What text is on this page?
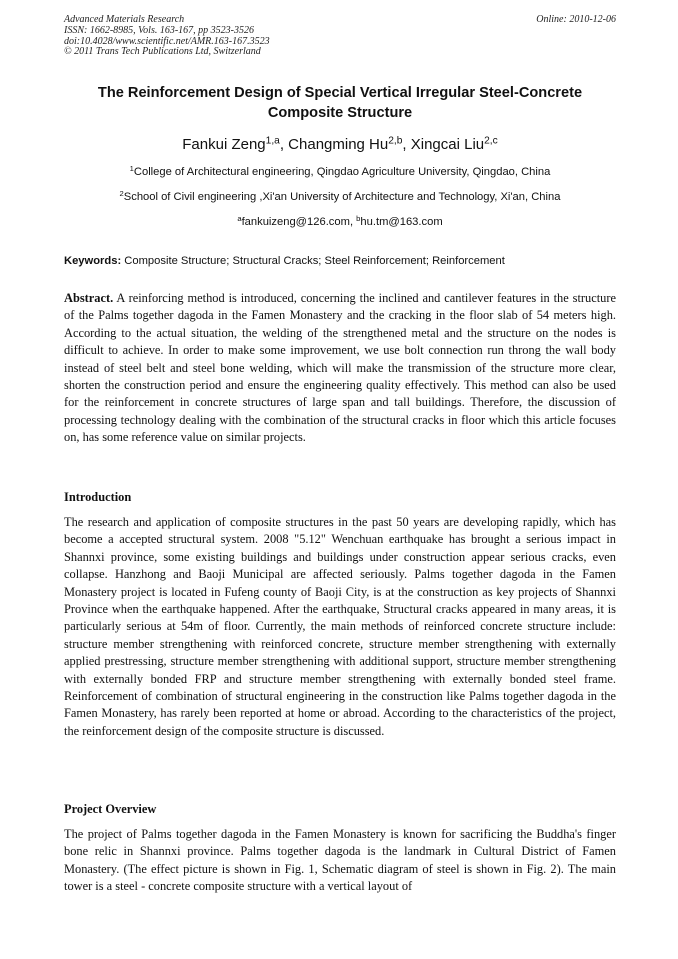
Advanced Materials Research
ISSN: 1662-8985, Vols. 163-167, pp 3523-3526
doi:10.4028/www.scientific.net/AMR.163-167.3523
© 2011 Trans Tech Publications Ltd, Switzerland
Online: 2010-12-06
The Reinforcement Design of Special Vertical Irregular Steel-Concrete
Composite Structure
Fankui Zeng$^{1,a}$, Changming Hu$^{2,b}$, Xingcai Liu$^{2,c}$
$^1$College of Architectural engineering, Qingdao Agriculture University, Qingdao, China
$^2$School of Civil engineering ,Xi'an University of Architecture and Technology, Xi'an, China
$^a$fankuizeng@126.com, $^b$hu.tm@163.com
Keywords: Composite Structure; Structural Cracks; Steel Reinforcement; Reinforcement
Abstract. A reinforcing method is introduced, concerning the inclined and cantilever features in the structure of the Palms together dagoda in the Famen Monastery and the cracking in the floor slab of 54 meters high. According to the actual situation, the welding of the strengthened metal and the structure on the nodes is difficult to achieve. In order to make some improvement, we use bolt connection run throng the wall body instead of steel belt and steel bone welding, which will make the transmission of the structure more clear, shorten the construction period and ensure the engineering quality effectively. This method can also be used for the reinforcement in concrete structures of large span and tall buildings. Therefore, the discussion of processing technology dealing with the combination of the structural cracks in floor which this article focuses on, has some reference value on similar projects.
Introduction
The research and application of composite structures in the past 50 years are developing rapidly, which has become a accepted structural system. 2008 "5.12" Wenchuan earthquake has brought a serious impact in Shannxi province, some existing buildings and buildings under construction appear serious cracks, even collapse. Hanzhong and Baoji Municipal are affected seriously. Palms together dagoda in the Famen Monastery project is located in Fufeng county of Baoji City, is at the construction as key projects of Shannxi Province when the earthquake happened. After the earthquake, Structural cracks appeared in many areas, it is particularly serious at 54m of floor. Currently, the main methods of reinforced concrete structure include: structure member strengthening with reinforced concrete, structure member strengthening with externally applied prestressing, structure member strengthening with additional support, structure member strengthening with externally bonded FRP and structure member strengthening with externally bonded steel frame. Reinforcement of combination of structural engineering in the construction like Palms together dagoda in the Famen Monastery, has rarely been reported at home or abroad. According to the characteristics of the project, the reinforcement design of the composite structure is discussed.
Project Overview
The project of Palms together dagoda in the Famen Monastery is known for sacrificing the Buddha's finger bone relic in Shannxi province. Palms together dagoda is the landmark in Cultural District of Famen Monastery. (The effect picture is shown in Fig. 1, Schematic diagram of steel is shown in Fig. 2). The main tower is a steel - concrete composite structure with a vertical layout of
